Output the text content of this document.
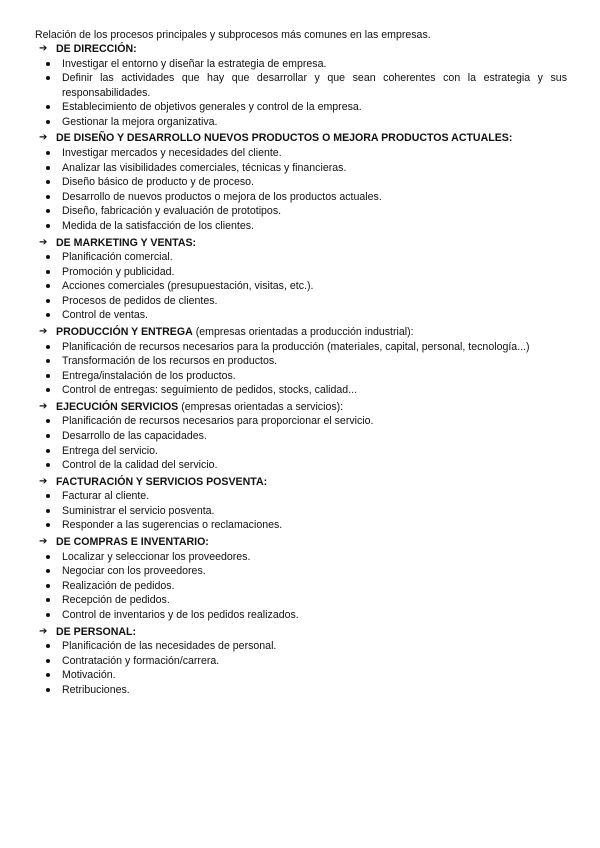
Relación de los procesos principales y subprocesos más comunes en las empresas.
➔ DE DIRECCIÓN:
Investigar el entorno y diseñar la estrategia de empresa.
Definir las actividades que hay que desarrollar y que sean coherentes con la estrategia y sus responsabilidades.
Establecimiento de objetivos generales y control de la empresa.
Gestionar la mejora organizativa.
➔ DE DISEÑO Y DESARROLLO NUEVOS PRODUCTOS O MEJORA PRODUCTOS ACTUALES:
Investigar mercados y necesidades del cliente.
Analizar las visibilidades comerciales, técnicas y financieras.
Diseño básico de producto y de proceso.
Desarrollo de nuevos productos o mejora de los productos actuales.
Diseño, fabricación y evaluación de prototipos.
Medida de la satisfacción de los clientes.
➔ DE MARKETING Y VENTAS:
Planificación comercial.
Promoción y publicidad.
Acciones comerciales (presupuestación, visitas, etc.).
Procesos de pedidos de clientes.
Control de ventas.
➔ PRODUCCIÓN Y ENTREGA (empresas orientadas a producción industrial):
Planificación de recursos necesarios para la producción (materiales, capital, personal, tecnología...)
Transformación de los recursos en productos.
Entrega/instalación de los productos.
Control de entregas: seguimiento de pedidos, stocks, calidad...
➔ EJECUCIÓN SERVICIOS (empresas orientadas a servicios):
Planificación de recursos necesarios para proporcionar el servicio.
Desarrollo de las capacidades.
Entrega del servicio.
Control de la calidad del servicio.
➔ FACTURACIÓN Y SERVICIOS POSVENTA:
Facturar al cliente.
Suministrar el servicio posventa.
Responder a las sugerencias o reclamaciones.
➔ DE COMPRAS E INVENTARIO:
Localizar y seleccionar los proveedores.
Negociar con los proveedores.
Realización de pedidos.
Recepción de pedidos.
Control de inventarios y de los pedidos realizados.
➔ DE PERSONAL:
Planificación de las necesidades de personal.
Contratación y formación/carrera.
Motivación.
Retribuciones.
